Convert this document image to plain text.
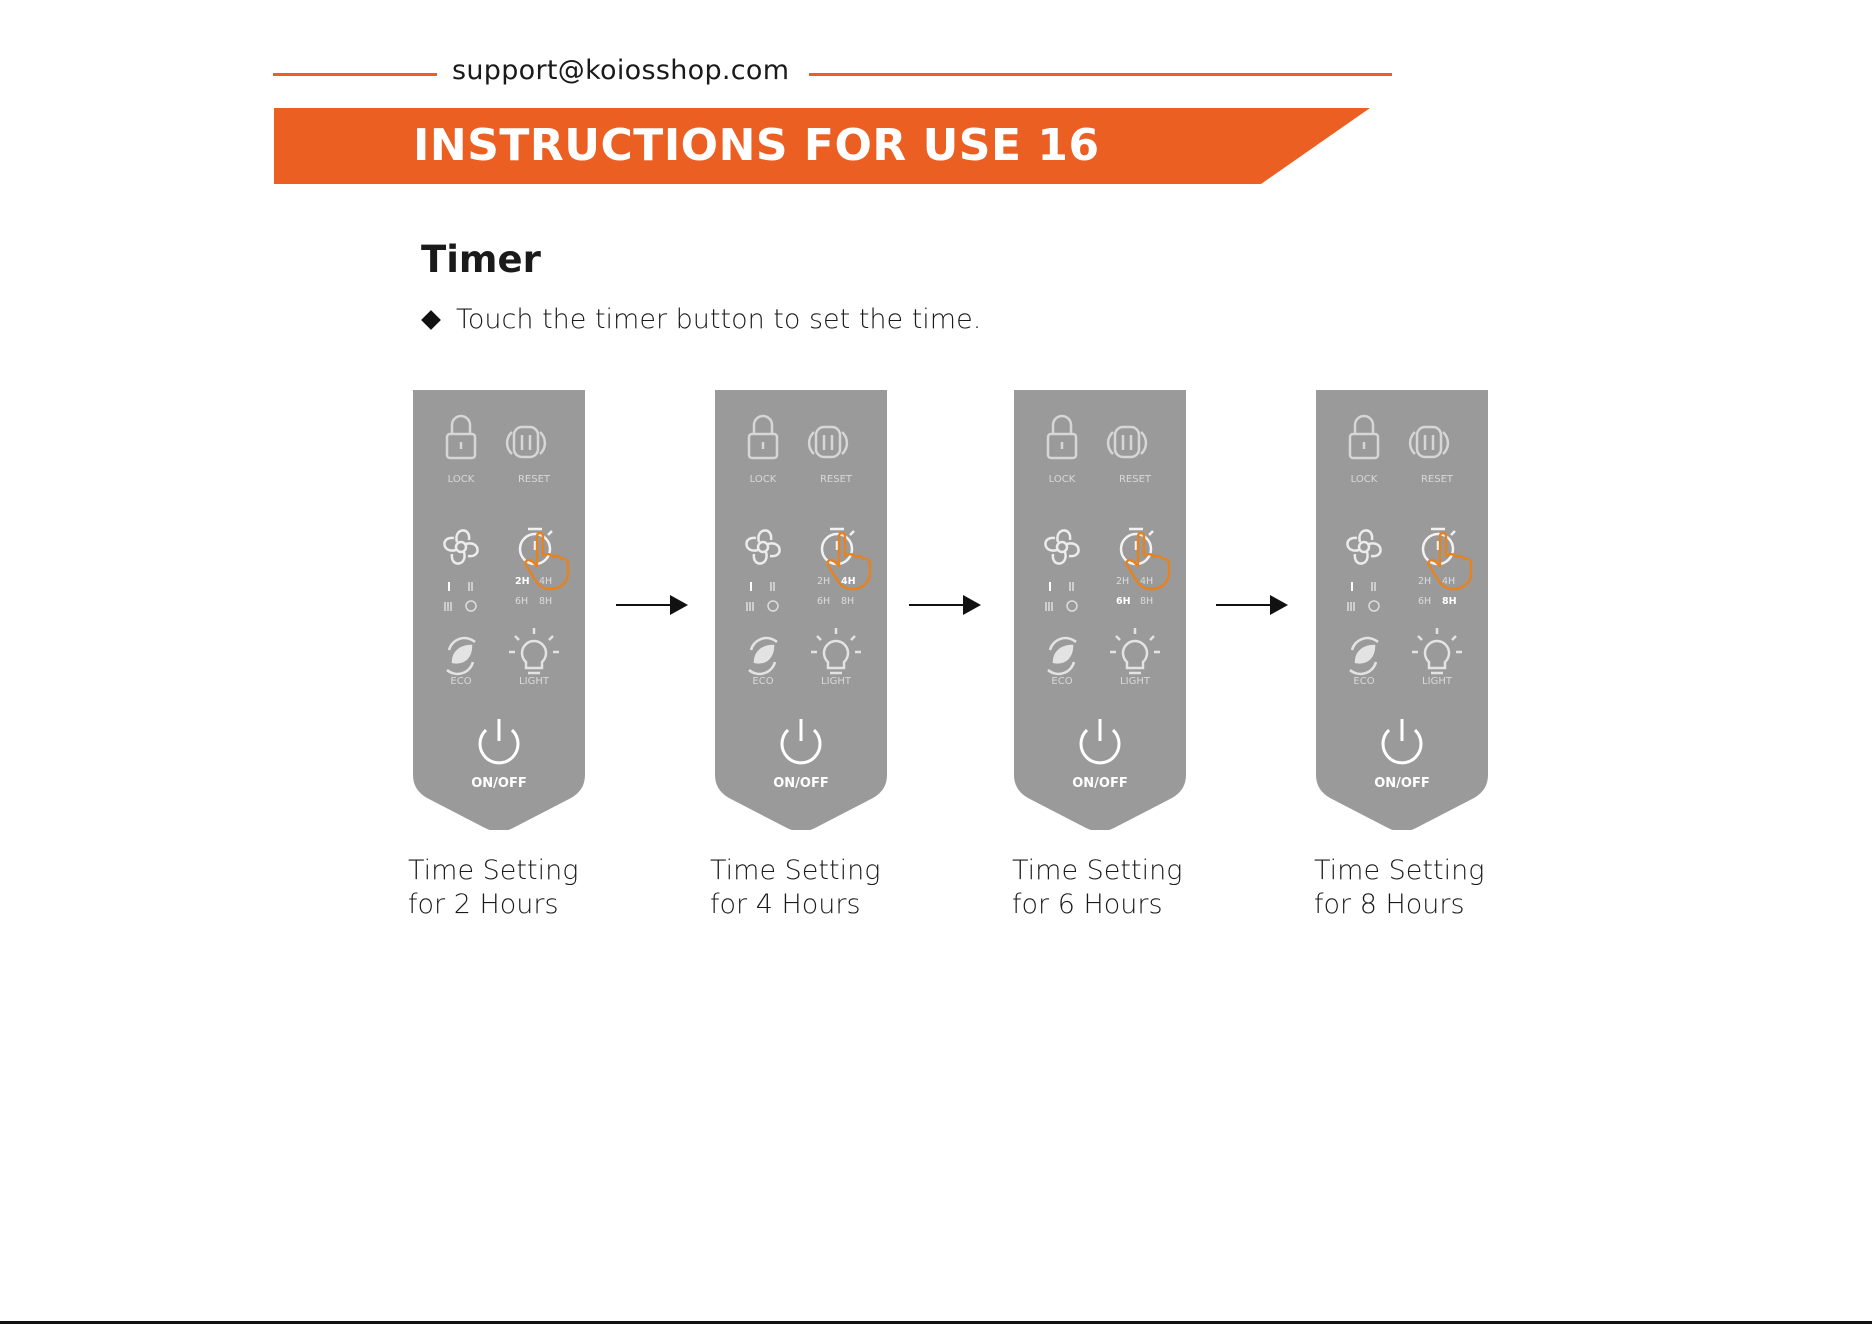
support@koiosshop.com
INSTRUCTIONS FOR USE 16
Timer
Touch the timer button to set the time.
LOCK	RESET
ECO	LIGHT
2H 4H
6H 8H
ON/OFF
Time Setting
for 2 Hours
LOCK	RESET
ECO	LIGHT
2H 4H
6H 8H
ON/OFF
Time Setting
for 4 Hours
LOCK	RESET
ECO	LIGHT
2H 4H
6H 8H
ON/OFF
Time Setting
for 6 Hours
LOCK	RESET
ECO	LIGHT
2H 4H
6H 8H
ON/OFF
Time Setting
for 8 Hours
